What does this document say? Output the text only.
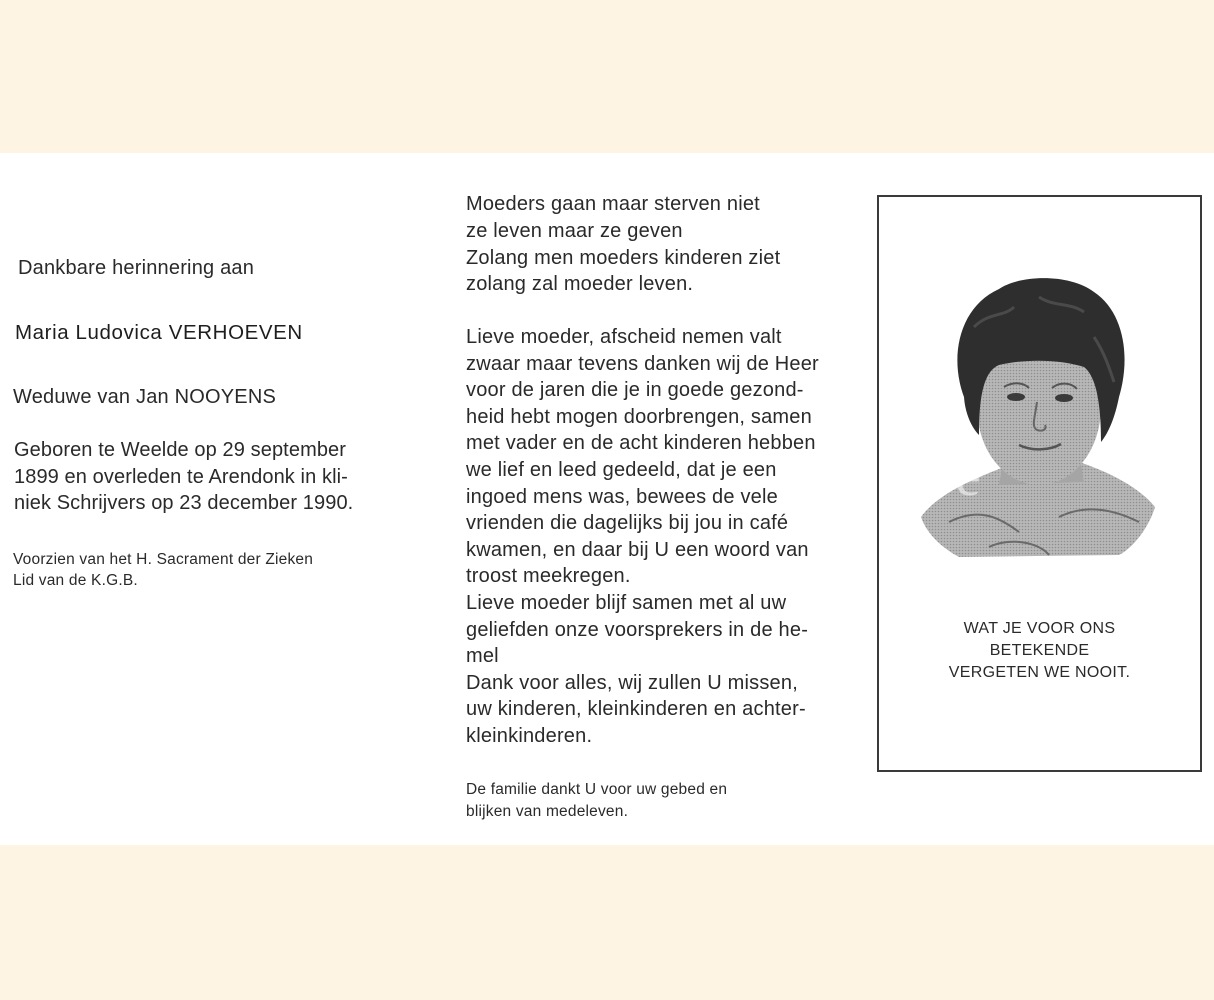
Dankbare herinnering aan
Maria Ludovica VERHOEVEN
Weduwe van Jan NOOYENS
Geboren te Weelde op 29 september
1899 en overleden te Arendonk in kli-
niek Schrijvers op 23 december 1990.
Voorzien van het H. Sacrament der Zieken
Lid van de K.G.B.
Moeders gaan maar sterven niet
ze leven maar ze geven
Zolang men moeders kinderen ziet
zolang zal moeder leven.
Lieve moeder, afscheid nemen valt
zwaar maar tevens danken wij de Heer
voor de jaren die je in goede gezond-
heid hebt mogen doorbrengen, samen
met vader en de acht kinderen hebben
we lief en leed gedeeld, dat je een
ingoed mens was, bewees de vele
vrienden die dagelijks bij jou in café
kwamen, en daar bij U een woord van
troost meekregen.
Lieve moeder blijf samen met al uw
geliefden onze voorsprekers in de he-
mel
Dank voor alles, wij zullen U missen,
uw kinderen, kleinkinderen en achter-
kleinkinderen.
De familie dankt U voor uw gebed en
blijken van medeleven.
be
WAT JE VOOR ONS
BETEKENDE
VERGETEN WE NOOIT.
